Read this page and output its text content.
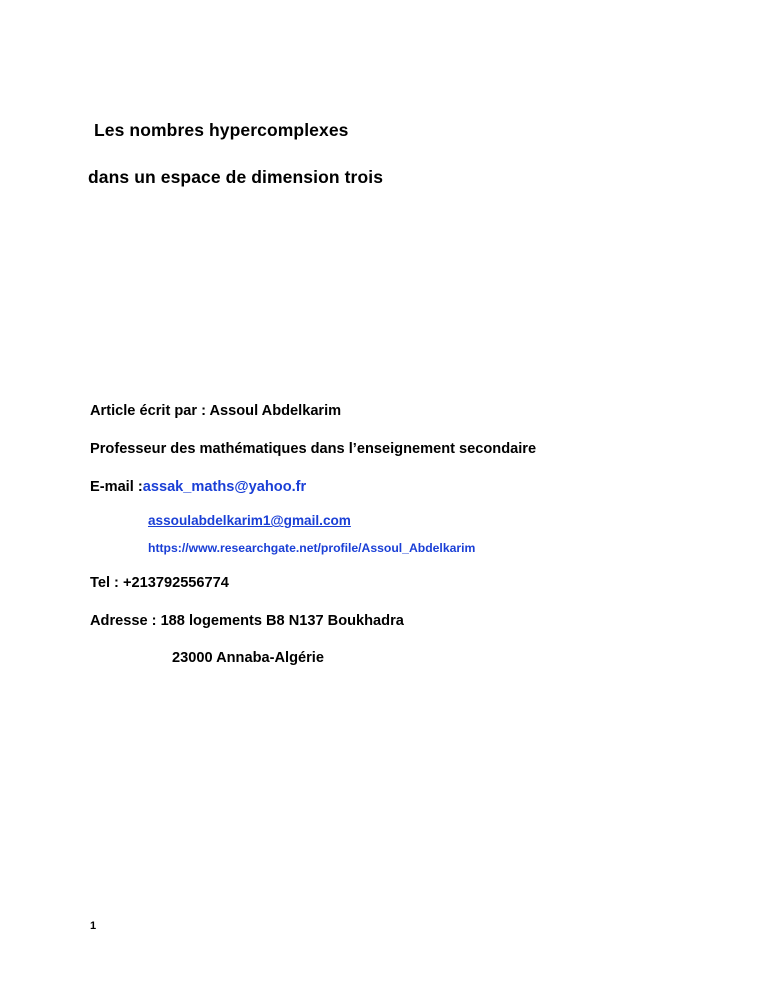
Les nombres hypercomplexes
dans un espace de dimension trois
Article écrit par : Assoul Abdelkarim
Professeur des mathématiques dans l’enseignement secondaire
E-mail :assak_maths@yahoo.fr
assoulabdelkarim1@gmail.com
https://www.researchgate.net/profile/Assoul_Abdelkarim
Tel : +213792556774
Adresse : 188 logements B8 N137 Boukhadra
23000 Annaba-Algérie
1
